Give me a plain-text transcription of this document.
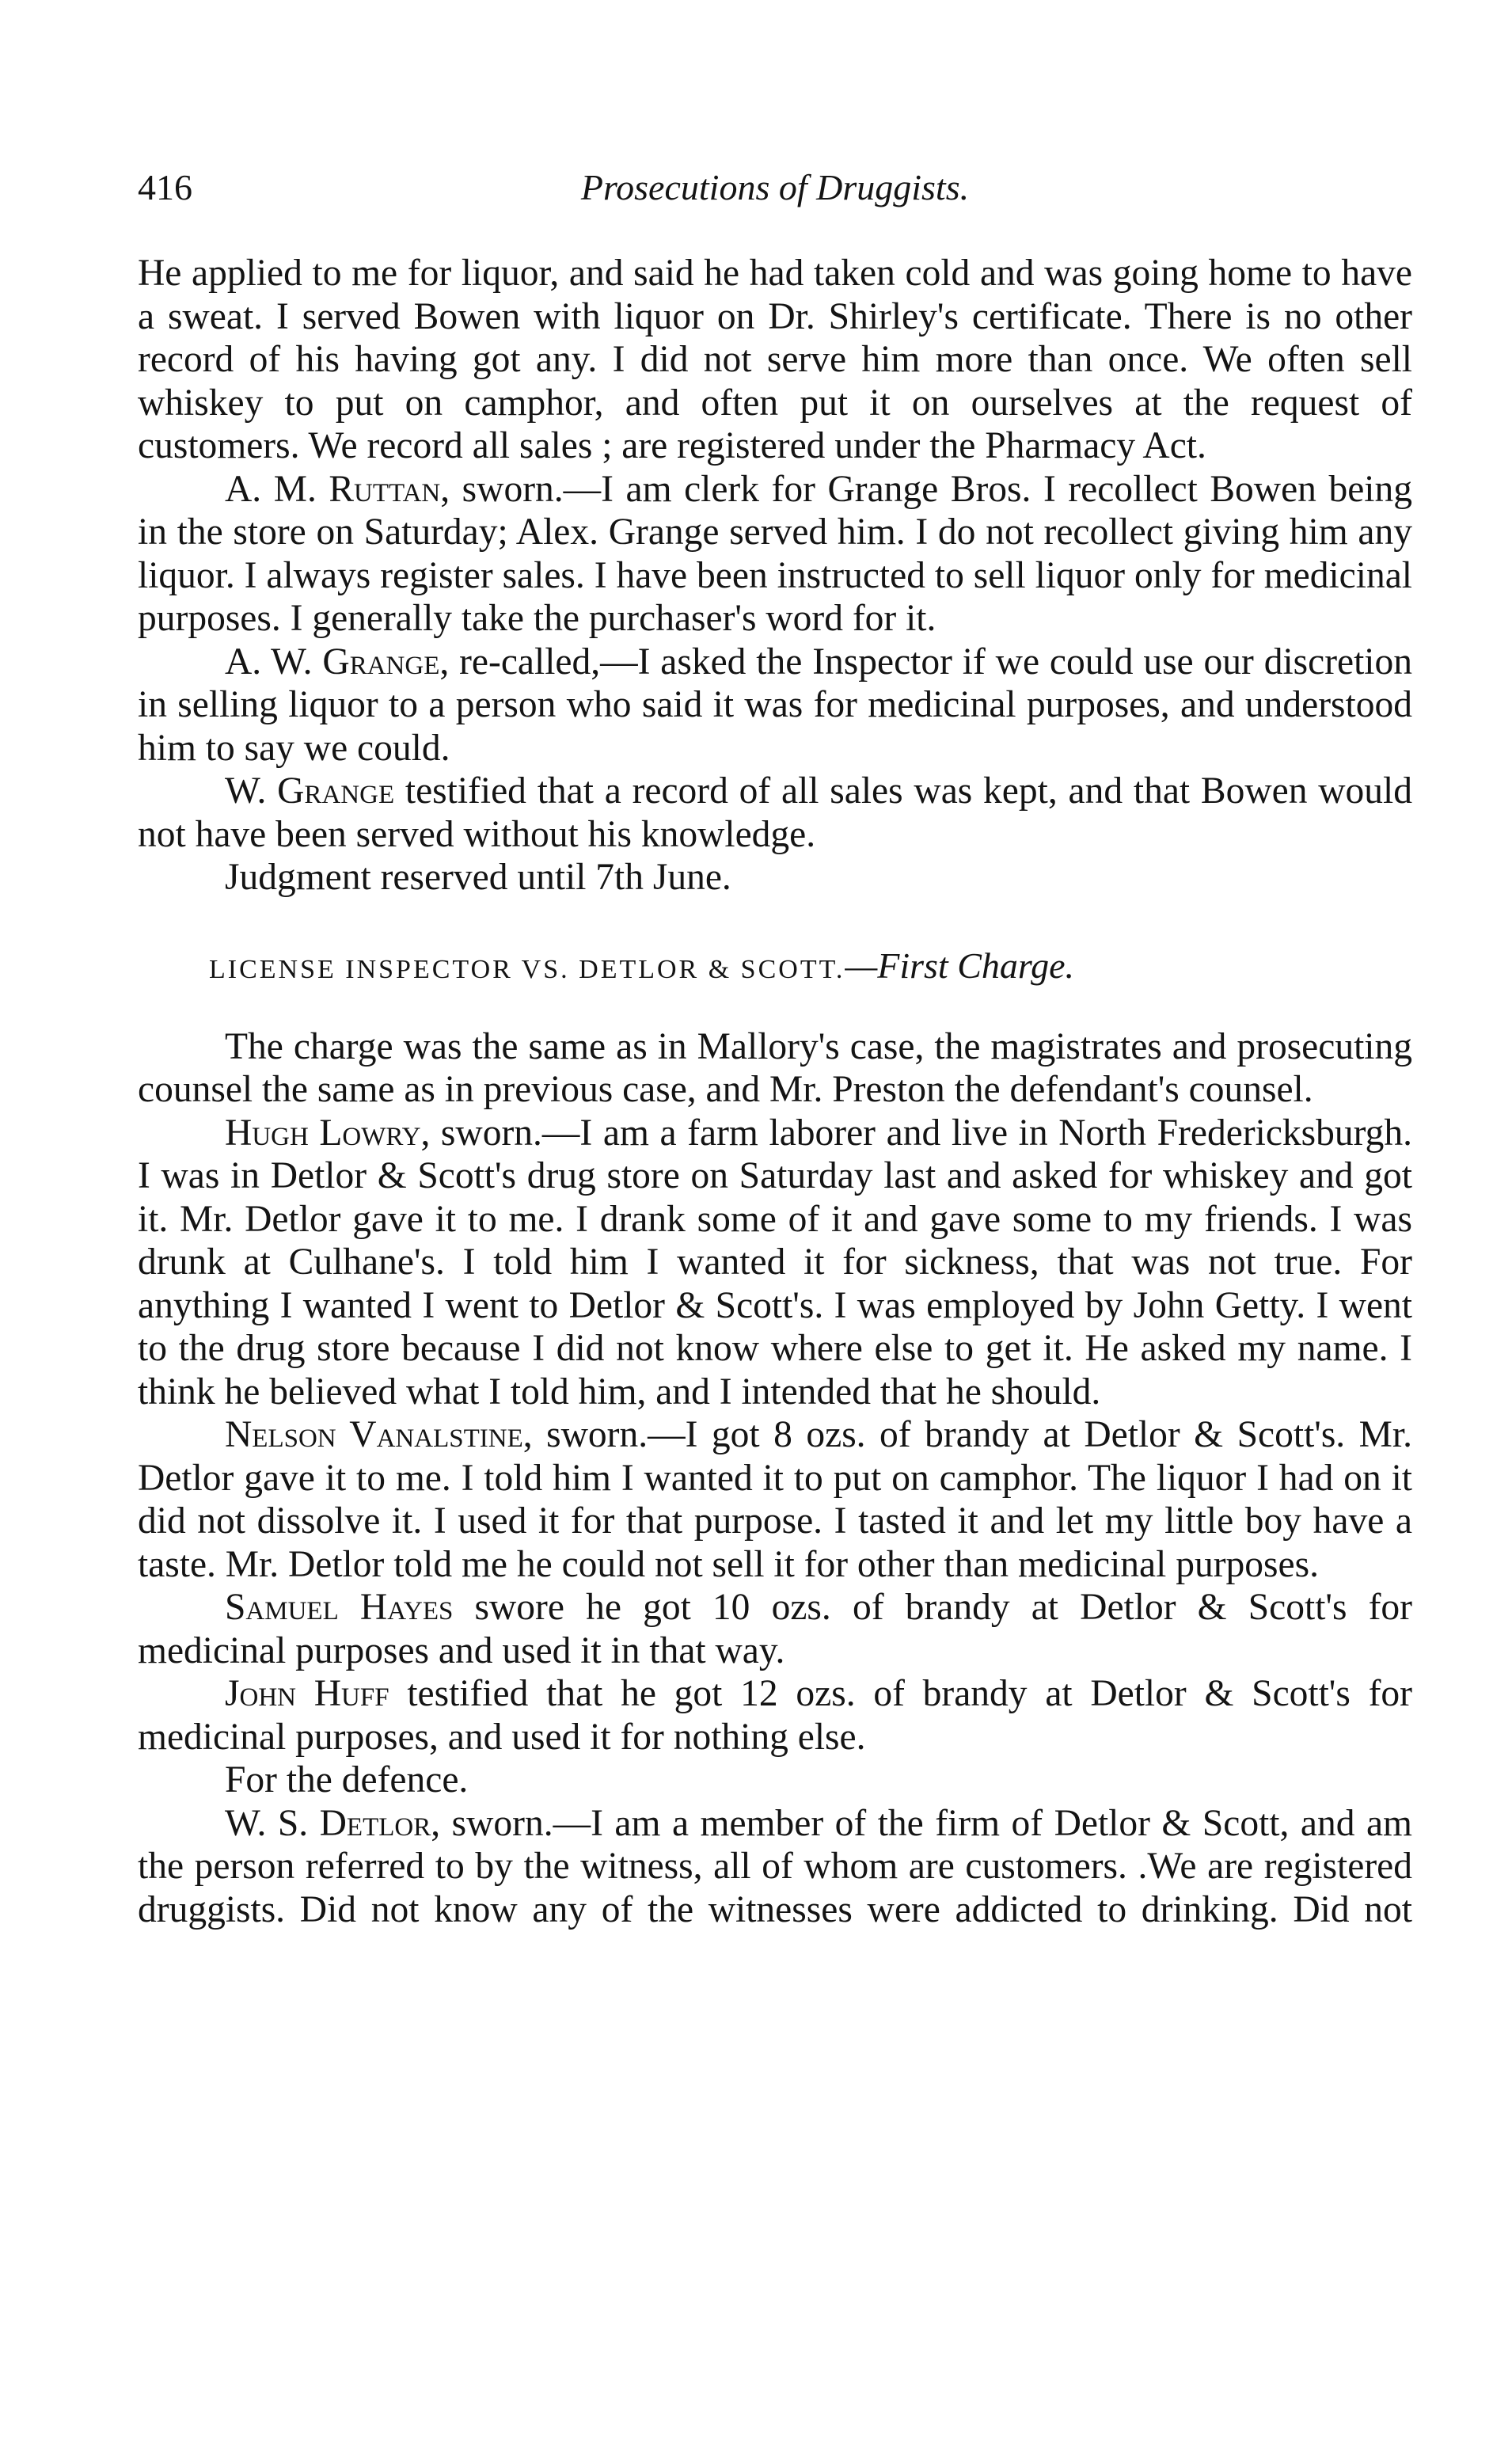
416	Prosecutions of Druggists.

He applied to me for liquor, and said he had taken cold and was going home to have a sweat. I served Bowen with liquor on Dr. Shirley's certificate. There is no other record of his having got any. I did not serve him more than once. We often sell whiskey to put on camphor, and often put it on ourselves at the request of customers. We record all sales ; are registered under the Pharmacy Act.

A. M. Ruttan, sworn.—I am clerk for Grange Bros. I recollect Bowen being in the store on Saturday; Alex. Grange served him. I do not recollect giving him any liquor. I always register sales. I have been instructed to sell liquor only for medicinal purposes. I generally take the purchaser's word for it.

A. W. Grange, re-called,—I asked the Inspector if we could use our discretion in selling liquor to a person who said it was for medicinal purposes, and understood him to say we could.

W. Grange testified that a record of all sales was kept, and that Bowen would not have been served without his knowledge.

Judgment reserved until 7th June.

LICENSE INSPECTOR VS. DETLOR & SCOTT.—First Charge.

The charge was the same as in Mallory's case, the magistrates and prosecuting counsel the same as in previous case, and Mr. Preston the defendant's counsel.

Hugh Lowry, sworn.—I am a farm laborer and live in North Fredericksburgh. I was in Detlor & Scott's drug store on Saturday last and asked for whiskey and got it. Mr. Detlor gave it to me. I drank some of it and gave some to my friends. I was drunk at Culhane's. I told him I wanted it for sickness, that was not true. For anything I wanted I went to Detlor & Scott's. I was employed by John Getty. I went to the drug store because I did not know where else to get it. He asked my name. I think he believed what I told him, and I intended that he should.

Nelson Vanalstine, sworn.—I got 8 ozs. of brandy at Detlor & Scott's. Mr. Detlor gave it to me. I told him I wanted it to put on camphor. The liquor I had on it did not dissolve it. I used it for that purpose. I tasted it and let my little boy have a taste. Mr. Detlor told me he could not sell it for other than medicinal purposes.

Samuel Hayes swore he got 10 ozs. of brandy at Detlor & Scott's for medicinal purposes and used it in that way.

John Huff testified that he got 12 ozs. of brandy at Detlor & Scott's for medicinal purposes, and used it for nothing else.

For the defence.

W. S. Detlor, sworn.—I am a member of the firm of Detlor & Scott, and am the person referred to by the witness, all of whom are customers. .We are registered druggists. Did not know any of the witnesses were addicted to drinking. Did not
